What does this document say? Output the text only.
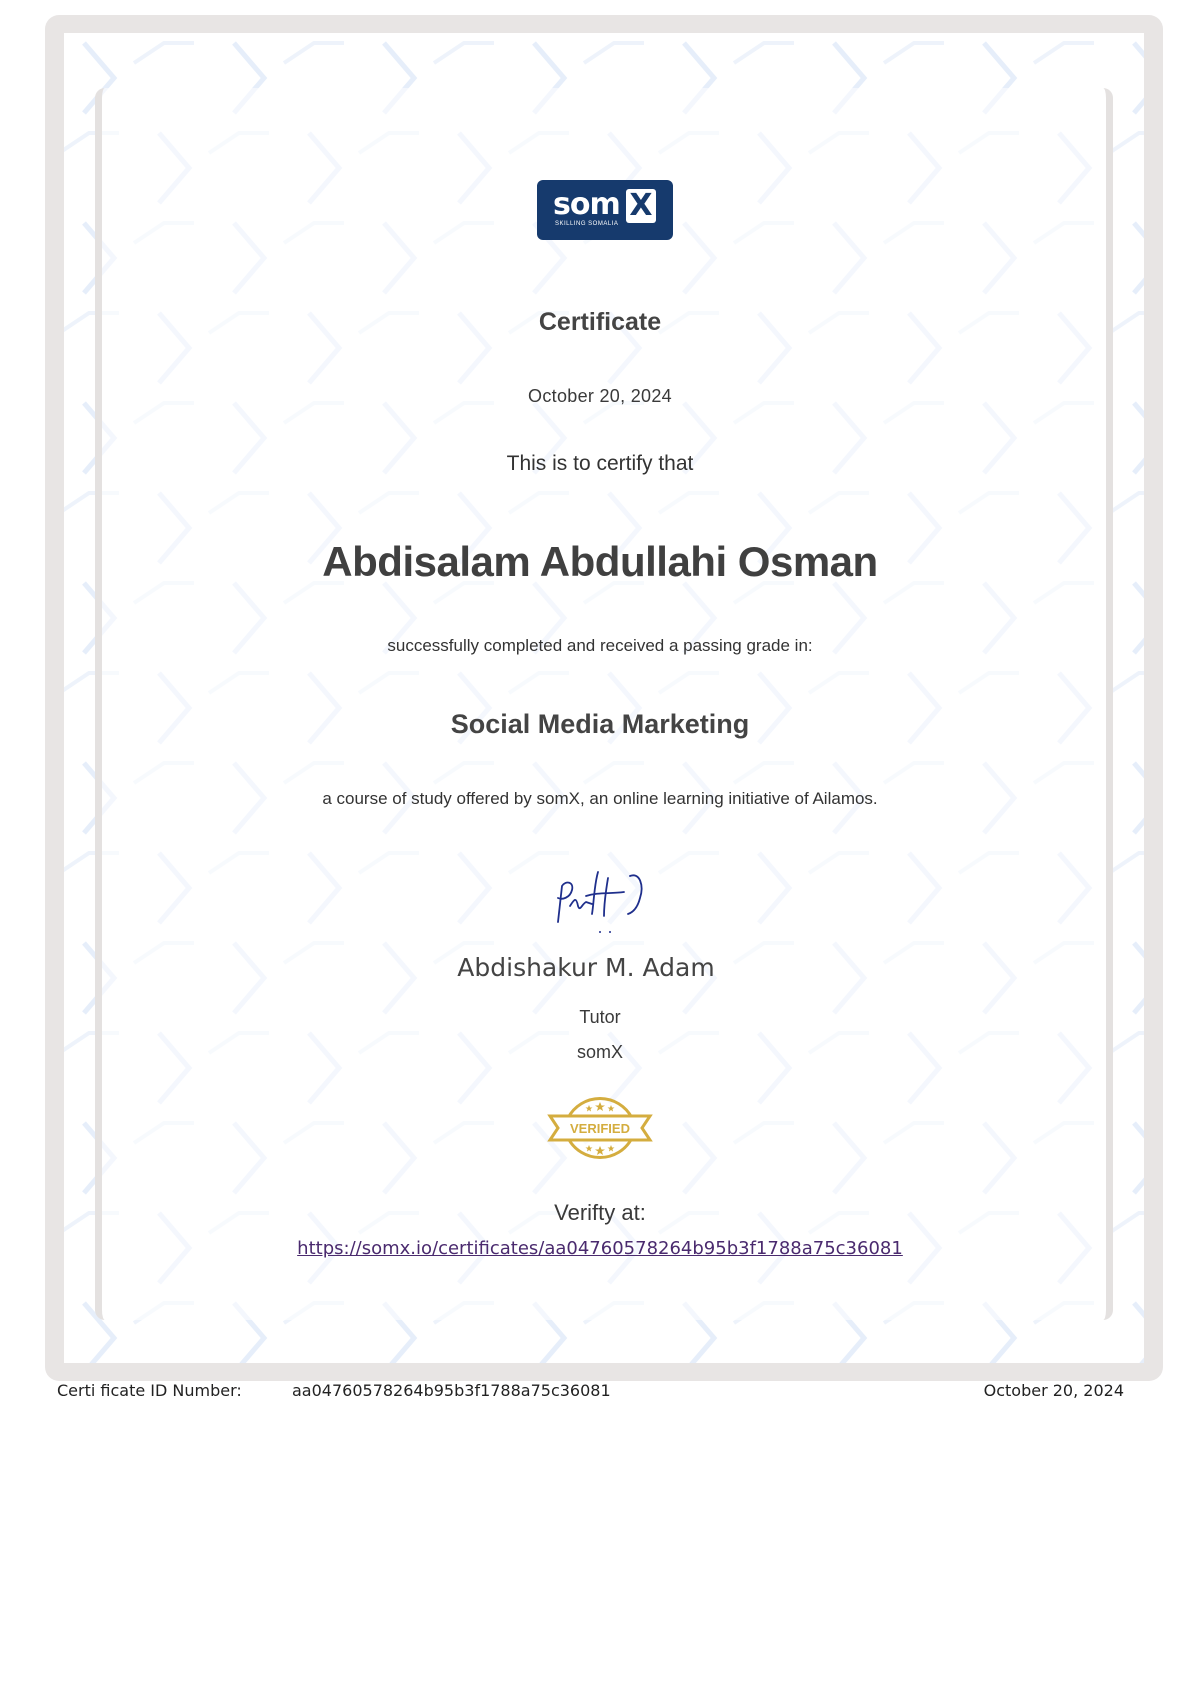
som X
SKILLING SOMALIA
Certificate
October 20, 2024
This is to certify that
Abdisalam Abdullahi Osman
successfully completed and received a passing grade in:
Social Media Marketing
a course of study offered by somX, an online learning initiative of Ailamos.
Abdishakur M. Adam
Tutor
somX
VERIFIED
Verifty at:
https://somx.io/certificates/aa04760578264b95b3f1788a75c36081
Certi ficate ID Number:	aa04760578264b95b3f1788a75c36081	October 20, 2024
